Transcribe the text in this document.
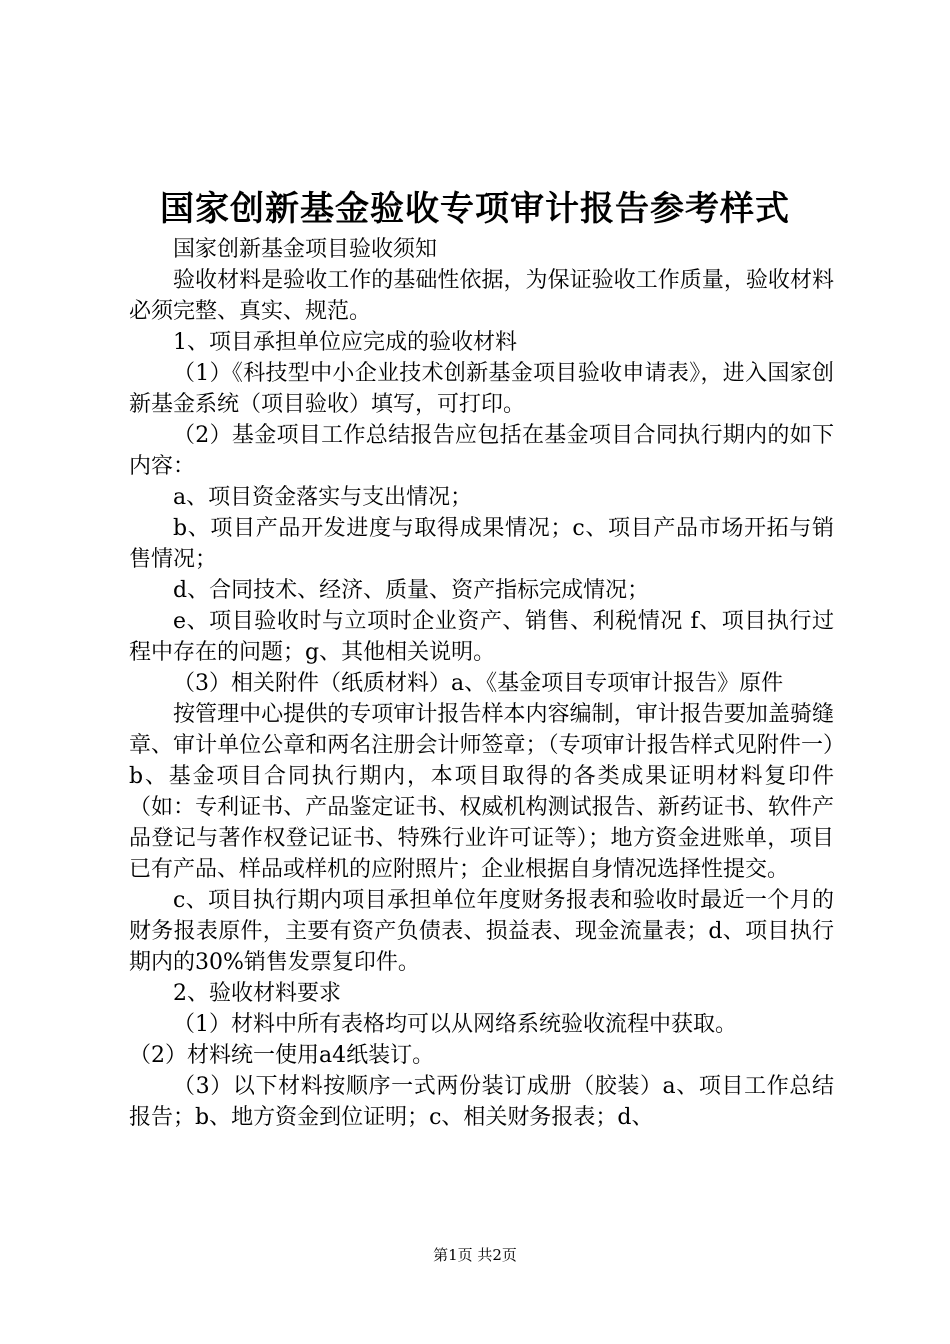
国家创新基金验收专项审计报告参考样式

国家创新基金项目验收须知

验收材料是验收工作的基础性依据，为保证验收工作质量，验收材料必须完整、真实、规范。

1、项目承担单位应完成的验收材料

（1）《科技型中小企业技术创新基金项目验收申请表》，进入国家创新基金系统（项目验收）填写，可打印。

（2）基金项目工作总结报告应包括在基金项目合同执行期内的如下内容：

a、项目资金落实与支出情况；

b、项目产品开发进度与取得成果情况；c、项目产品市场开拓与销售情况；

d、合同技术、经济、质量、资产指标完成情况；

e、项目验收时与立项时企业资产、销售、利税情况 f、项目执行过程中存在的问题；g、其他相关说明。

（3）相关附件（纸质材料）a、《基金项目专项审计报告》原件

按管理中心提供的专项审计报告样本内容编制，审计报告要加盖骑缝章、审计单位公章和两名注册会计师签章；（专项审计报告样式见附件一）b、基金项目合同执行期内，本项目取得的各类成果证明材料复印件（如：专利证书、产品鉴定证书、权威机构测试报告、新药证书、软件产品登记与著作权登记证书、特殊行业许可证等）；地方资金进账单，项目已有产品、样品或样机的应附照片；企业根据自身情况选择性提交。

c、项目执行期内项目承担单位年度财务报表和验收时最近一个月的财务报表原件，主要有资产负债表、损益表、现金流量表；d、项目执行期内的30%销售发票复印件。

2、验收材料要求

（1）材料中所有表格均可以从网络系统验收流程中获取。

（2）材料统一使用a4纸装订。

（3）以下材料按顺序一式两份装订成册（胶装）a、项目工作总结报告；b、地方资金到位证明；c、相关财务报表；d、

第1页 共2页
